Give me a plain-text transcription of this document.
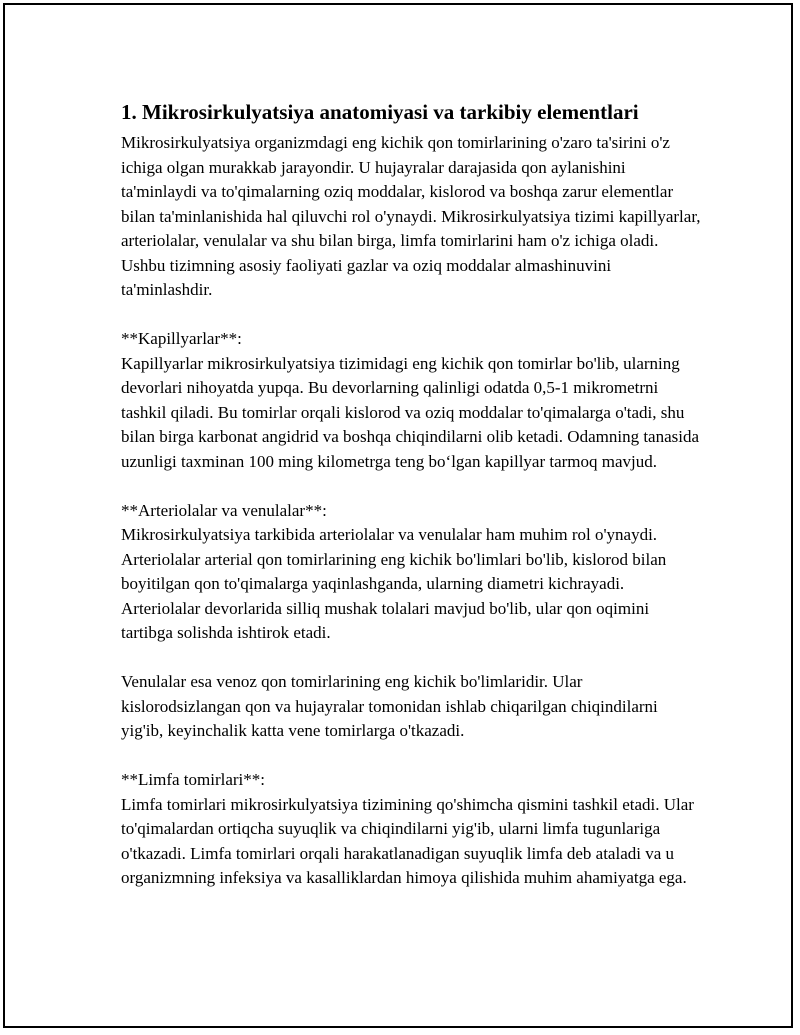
1. Mikrosirkulyatsiya anatomiyasi va tarkibiy elementlari

Mikrosirkulyatsiya organizmdagi eng kichik qon tomirlarining o'zaro ta'sirini o'z ichiga olgan murakkab jarayondir. U hujayralar darajasida qon aylanishini ta'minlaydi va to'qimalarning oziq moddalar, kislorod va boshqa zarur elementlar bilan ta'minlanishida hal qiluvchi rol o'ynaydi. Mikrosirkulyatsiya tizimi kapillyarlar, arteriolalar, venulalar va shu bilan birga, limfa tomirlarini ham o'z ichiga oladi. Ushbu tizimning asosiy faoliyati gazlar va oziq moddalar almashinuvini ta'minlashdir.

**Kapillyarlar**:
Kapillyarlar mikrosirkulyatsiya tizimidagi eng kichik qon tomirlar bo'lib, ularning devorlari nihoyatda yupqa. Bu devorlarning qalinligi odatda 0,5-1 mikrometrni tashkil qiladi. Bu tomirlar orqali kislorod va oziq moddalar to'qimalarga o'tadi, shu bilan birga karbonat angidrid va boshqa chiqindilarni olib ketadi. Odamning tanasida uzunligi taxminan 100 ming kilometrga teng bo‘lgan kapillyar tarmoq mavjud.

**Arteriolalar va venulalar**:
Mikrosirkulyatsiya tarkibida arteriolalar va venulalar ham muhim rol o'ynaydi. Arteriolalar arterial qon tomirlarining eng kichik bo'limlari bo'lib, kislorod bilan boyitilgan qon to'qimalarga yaqinlashganda, ularning diametri kichrayadi. Arteriolalar devorlarida silliq mushak tolalari mavjud bo'lib, ular qon oqimini tartibga solishda ishtirok etadi.

Venulalar esa venoz qon tomirlarining eng kichik bo'limlaridir. Ular kislorodsizlangan qon va hujayralar tomonidan ishlab chiqarilgan chiqindilarni yig'ib, keyinchalik katta vene tomirlarga o'tkazadi.

**Limfa tomirlari**:
Limfa tomirlari mikrosirkulyatsiya tizimining qo'shimcha qismini tashkil etadi. Ular to'qimalardan ortiqcha suyuqlik va chiqindilarni yig'ib, ularni limfa tugunlariga o'tkazadi. Limfa tomirlari orqali harakatlanadigan suyuqlik limfa deb ataladi va u organizmning infeksiya va kasalliklardan himoya qilishida muhim ahamiyatga ega.
